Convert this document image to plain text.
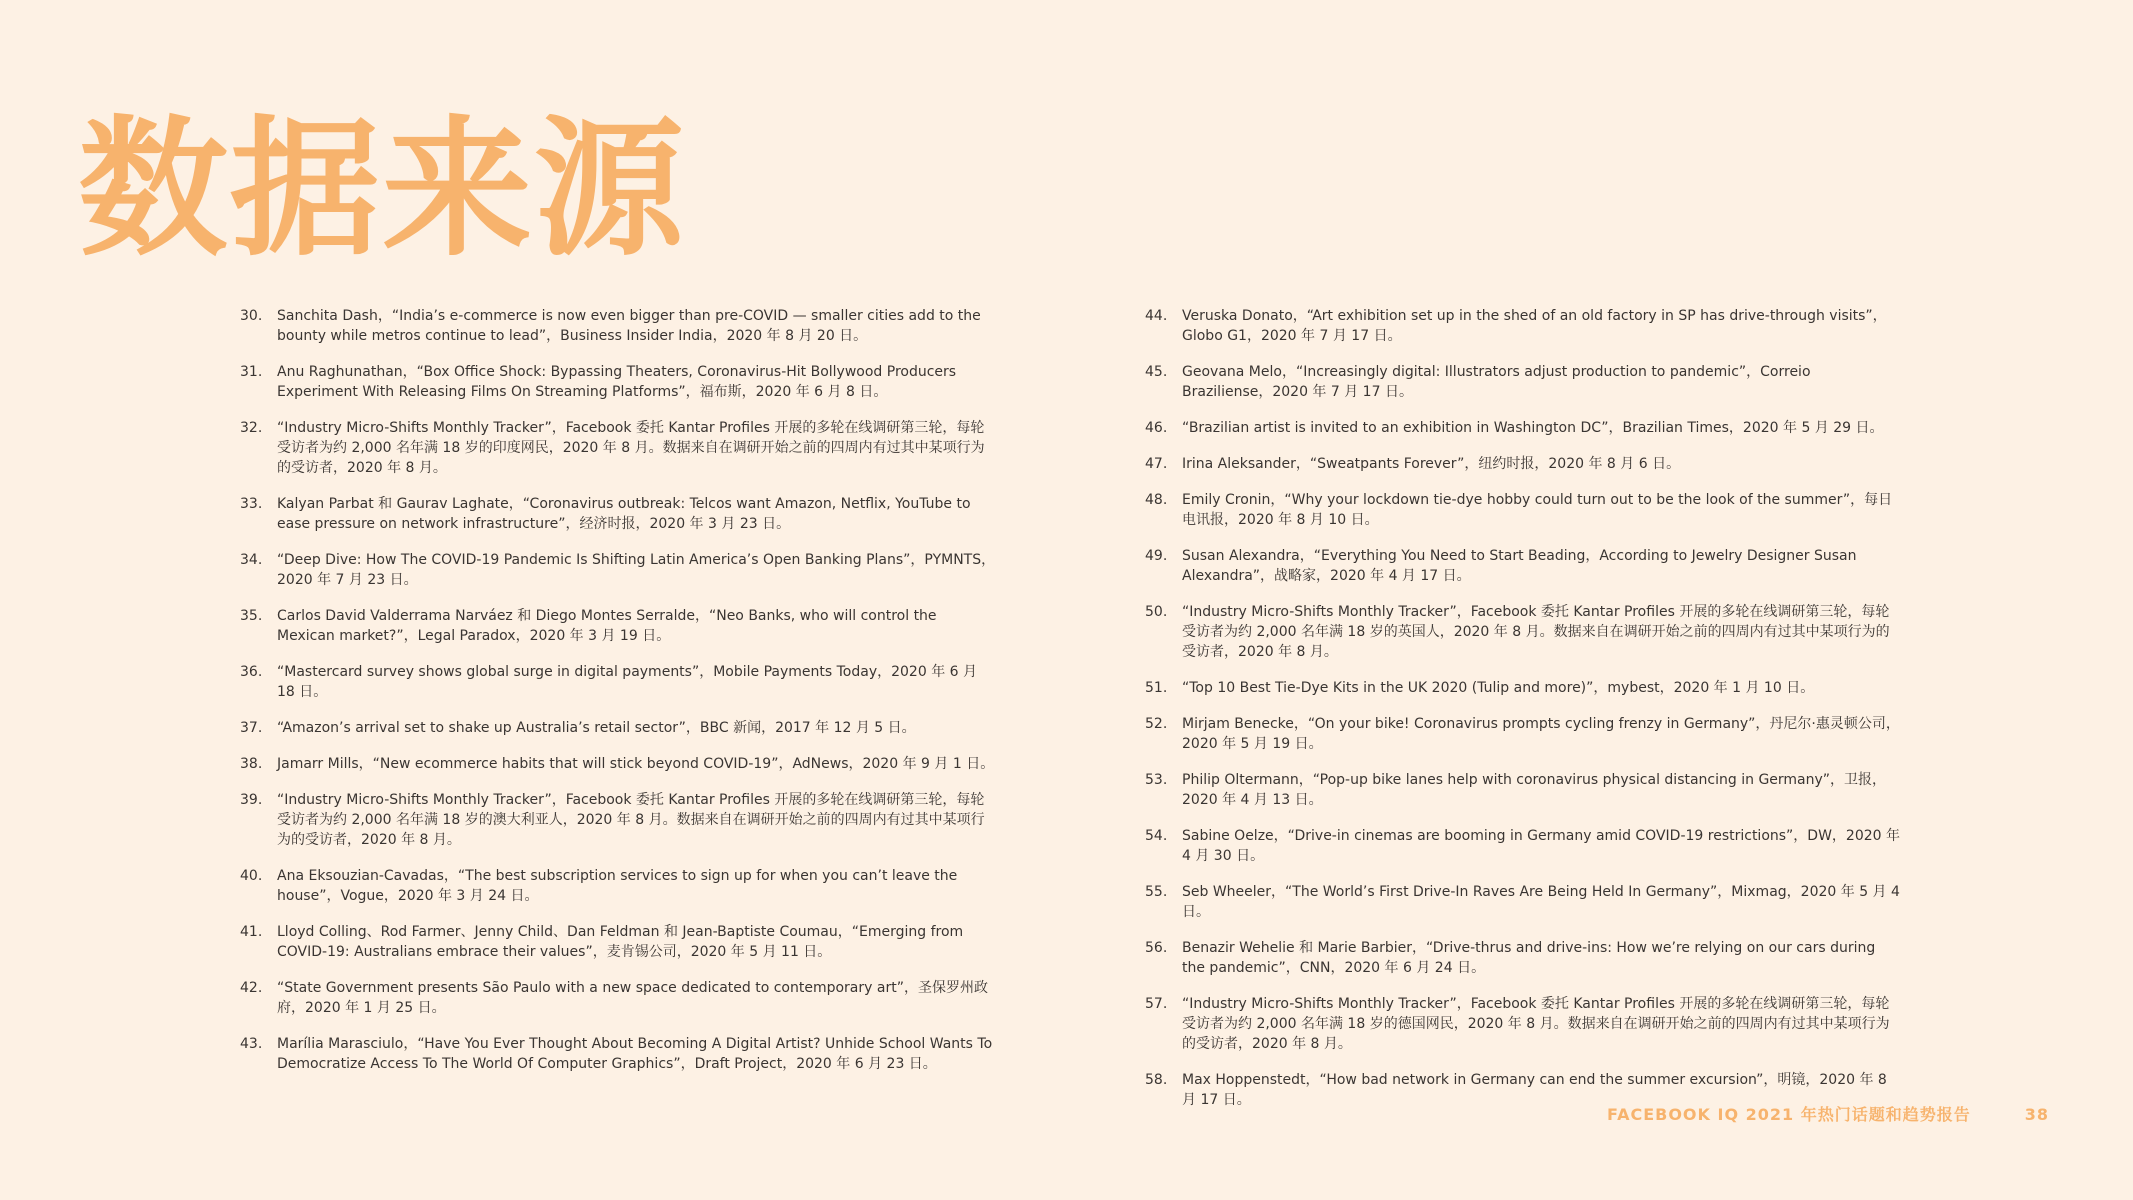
数据来源
30.	Sanchita Dash，“India’s e-commerce is now even bigger than pre-COVID — smaller cities add to the bounty while metros continue to lead”，Business Insider India，2020 年 8 月 20 日。
31.	Anu Raghunathan，“Box Office Shock: Bypassing Theaters, Coronavirus-Hit Bollywood Producers Experiment With Releasing Films On Streaming Platforms”，福布斯，2020 年 6 月 8 日。
32.	“Industry Micro-Shifts Monthly Tracker”，Facebook 委托 Kantar Profiles 开展的多轮在线调研第三轮，每轮受访者为约 2,000 名年满 18 岁的印度网民，2020 年 8 月。数据来自在调研开始之前的四周内有过其中某项行为的受访者，2020 年 8 月。
33.	Kalyan Parbat 和 Gaurav Laghate，“Coronavirus outbreak: Telcos want Amazon, Netflix, YouTube to ease pressure on network infrastructure”，经济时报，2020 年 3 月 23 日。
34.	“Deep Dive: How The COVID-19 Pandemic Is Shifting Latin America’s Open Banking Plans”，PYMNTS，2020 年 7 月 23 日。
35.	Carlos David Valderrama Narváez 和 Diego Montes Serralde，“Neo Banks, who will control the Mexican market?”，Legal Paradox，2020 年 3 月 19 日。
36.	“Mastercard survey shows global surge in digital payments”，Mobile Payments Today，2020 年 6 月 18 日。
37.	“Amazon’s arrival set to shake up Australia’s retail sector”，BBC 新闻，2017 年 12 月 5 日。
38.	Jamarr Mills，“New ecommerce habits that will stick beyond COVID-19”，AdNews，2020 年 9 月 1 日。
39.	“Industry Micro-Shifts Monthly Tracker”，Facebook 委托 Kantar Profiles 开展的多轮在线调研第三轮，每轮受访者为约 2,000 名年满 18 岁的澳大利亚人，2020 年 8 月。数据来自在调研开始之前的四周内有过其中某项行为的受访者，2020 年 8 月。
40.	Ana Eksouzian-Cavadas，“The best subscription services to sign up for when you can’t leave the house”，Vogue，2020 年 3 月 24 日。
41.	Lloyd Colling、Rod Farmer、Jenny Child、Dan Feldman 和 Jean-Baptiste Coumau，“Emerging from COVID-19: Australians embrace their values”，麦肯锡公司，2020 年 5 月 11 日。
42.	“State Government presents São Paulo with a new space dedicated to contemporary art”，圣保罗州政府，2020 年 1 月 25 日。
43.	Marília Marasciulo，“Have You Ever Thought About Becoming A Digital Artist? Unhide School Wants To Democratize Access To The World Of Computer Graphics”，Draft Project，2020 年 6 月 23 日。
44.	Veruska Donato，“Art exhibition set up in the shed of an old factory in SP has drive-through visits”，Globo G1，2020 年 7 月 17 日。
45.	Geovana Melo，“Increasingly digital: Illustrators adjust production to pandemic”，Correio Braziliense，2020 年 7 月 17 日。
46.	“Brazilian artist is invited to an exhibition in Washington DC”，Brazilian Times，2020 年 5 月 29 日。
47.	Irina Aleksander，“Sweatpants Forever”，纽约时报，2020 年 8 月 6 日。
48.	Emily Cronin，“Why your lockdown tie-dye hobby could turn out to be the look of the summer”，每日电讯报，2020 年 8 月 10 日。
49.	Susan Alexandra，“Everything You Need to Start Beading，According to Jewelry Designer Susan Alexandra”，战略家，2020 年 4 月 17 日。
50.	“Industry Micro-Shifts Monthly Tracker”，Facebook 委托 Kantar Profiles 开展的多轮在线调研第三轮，每轮受访者为约 2,000 名年满 18 岁的英国人，2020 年 8 月。数据来自在调研开始之前的四周内有过其中某项行为的受访者，2020 年 8 月。
51.	“Top 10 Best Tie-Dye Kits in the UK 2020 (Tulip and more)”，mybest，2020 年 1 月 10 日。
52.	Mirjam Benecke，“On your bike! Coronavirus prompts cycling frenzy in Germany”，丹尼尔·惠灵顿公司，2020 年 5 月 19 日。
53.	Philip Oltermann，“Pop-up bike lanes help with coronavirus physical distancing in Germany”，卫报，2020 年 4 月 13 日。
54.	Sabine Oelze，“Drive-in cinemas are booming in Germany amid COVID-19 restrictions”，DW，2020 年 4 月 30 日。
55.	Seb Wheeler，“The World’s First Drive-In Raves Are Being Held In Germany”，Mixmag，2020 年 5 月 4 日。
56.	Benazir Wehelie 和 Marie Barbier，“Drive-thrus and drive-ins: How we’re relying on our cars during the pandemic”，CNN，2020 年 6 月 24 日。
57.	“Industry Micro-Shifts Monthly Tracker”，Facebook 委托 Kantar Profiles 开展的多轮在线调研第三轮，每轮受访者为约 2,000 名年满 18 岁的德国网民，2020 年 8 月。数据来自在调研开始之前的四周内有过其中某项行为的受访者，2020 年 8 月。
58.	Max Hoppenstedt，“How bad network in Germany can end the summer excursion”，明镜，2020 年 8 月 17 日。
FACEBOOK IQ 2021 年热门话题和趋势报告	38
